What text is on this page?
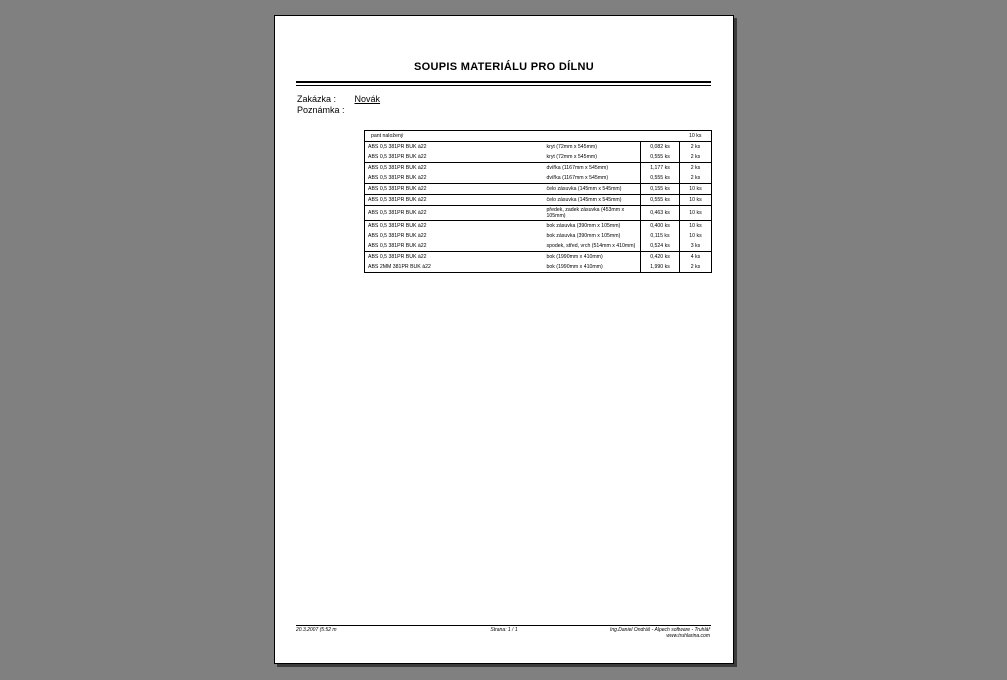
SOUPIS MATERIÁLU PRO DÍLNU
Zakázka : Novák
Poznámka :
pant naložený			10 ks
ABS 0,5 381PR BUK à22	kryt (72mm x 545mm)	0,082 ks	2 ks
ABS 0,5 381PR BUK à22	kryt (72mm x 545mm)	0,555 ks	2 ks
ABS 0,5 381PR BUK à22	dvířka (1167mm x 545mm)	1,177 ks	2 ks
ABS 0,5 381PR BUK à22	dvířka (1167mm x 545mm)	0,555 ks	2 ks
ABS 0,5 381PR BUK à22	čelo zásuvka (145mm x 545mm)	0,155 ks	10 ks
ABS 0,5 381PR BUK à22	čelo zásuvka (145mm x 545mm)	0,555 ks	10 ks
ABS 0,5 381PR BUK à22	předek, zadek zásuvka (453mm x 105mm)	0,463 ks	10 ks
ABS 0,5 381PR BUK à22	bok zásuvka (390mm x 105mm)	0,400 ks	10 ks
ABS 0,5 381PR BUK à22	bok zásuvka (390mm x 105mm)	0,115 ks	10 ks
ABS 0,5 381PR BUK à22	spodek, střed, vrch (514mm x 410mm)	0,524 ks	3 ks
ABS 0,5 381PR BUK à22	bok (1990mm x 410mm)	0,420 ks	4 ks
ABS 2MM 381PR BUK à22	bok (1990mm x 410mm)	1,990 ks	2 ks
20.3.2007 (5:52 m	Strana: 1 / 1	Ing.Daniel Ondráš - Alpech software - Truhlář
www.truhlarina.com
